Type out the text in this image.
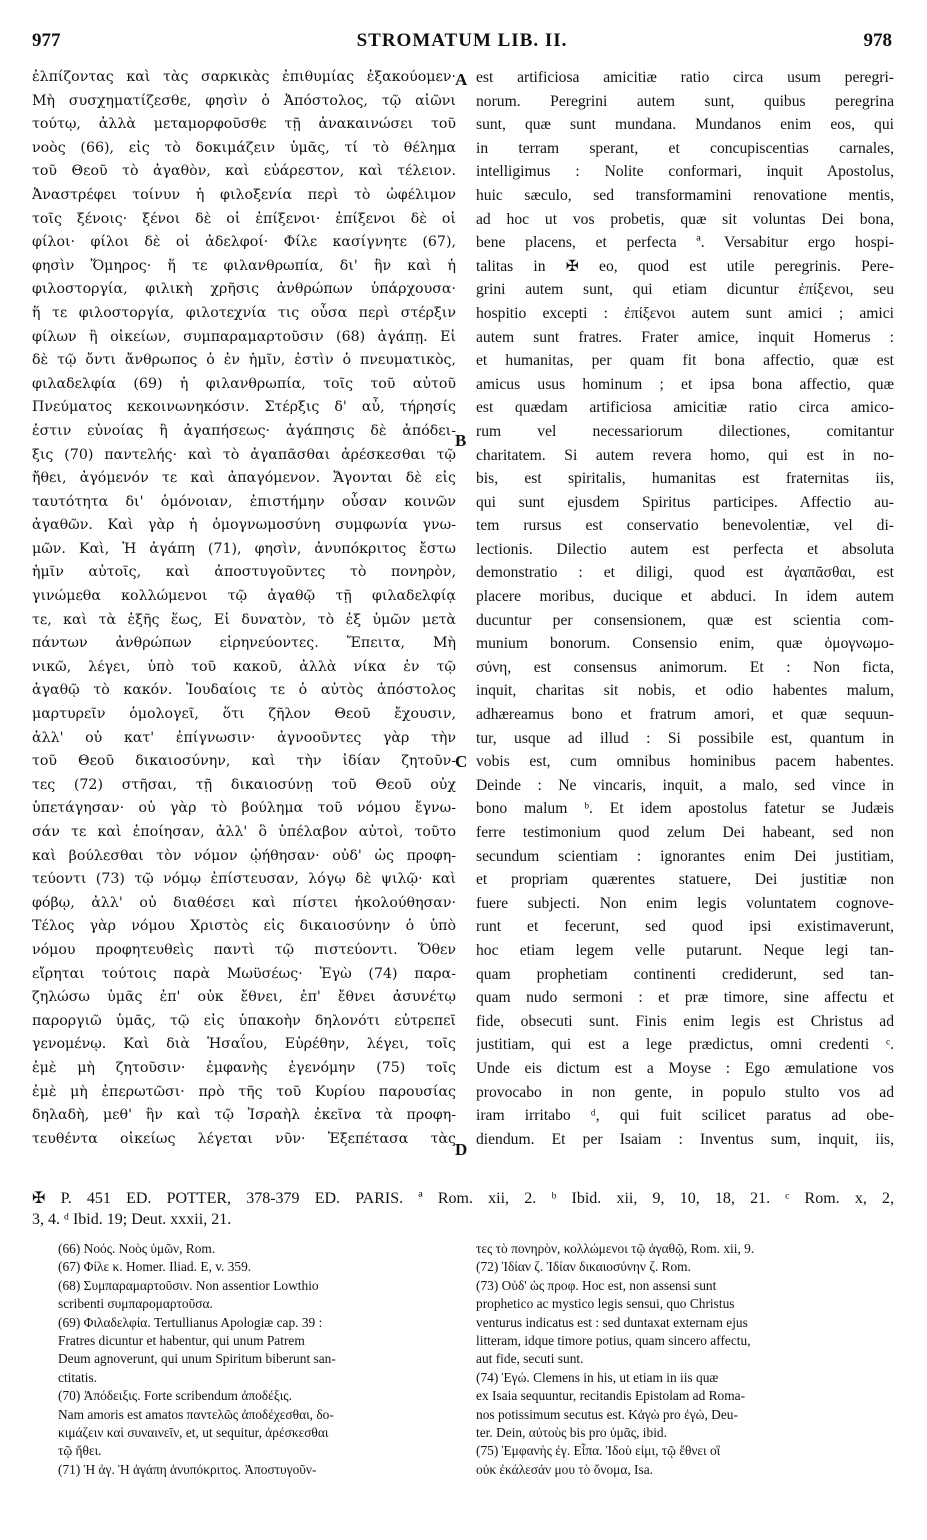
977	STROMATUM LIB. II.	978
ἐλπίζοντας καὶ τὰς σαρκικὰς ἐπιθυμίας ἐξακούομεν·
Μὴ συσχηματίζεσθε, φησὶν ὁ Ἀπόστολος, τῷ αἰῶνι
τούτῳ, ἀλλὰ μεταμορφοῦσθε τῇ ἀνακαινώσει τοῦ
νοὸς (66), εἰς τὸ δοκιμάζειν ὑμᾶς, τί τὸ θέλημα
τοῦ Θεοῦ τὸ ἀγαθὸν, καὶ εὐάρεστον, καὶ τέλειον.
Ἀναστρέφει τοίνυν ἡ φιλοξενία περὶ τὸ ὠφέλιμον
τοῖς ξένοις· ξένοι δὲ οἱ ἐπίξενοι· ἐπίξενοι δὲ οἱ
φίλοι· φίλοι δὲ οἱ ἀδελφοί· Φίλε κασίγνητε (67),
φησὶν Ὅμηρος· ἥ τε φιλανθρωπία, δι' ἣν καὶ ἡ
φιλοστοργία, φιλικὴ χρῆσις ἀνθρώπων ὑπάρχουσα·
ἥ τε φιλοστοργία, φιλοτεχνία τις οὖσα περὶ στέρξιν
φίλων ἢ οἰκείων, συμπαραμαρτοῦσιν (68) ἀγάπῃ. Εἰ
δὲ τῷ ὄντι ἄνθρωπος ὁ ἐν ἡμῖν, ἐστὶν ὁ πνευματικὸς,
φιλαδελφία (69) ἡ φιλανθρωπία, τοῖς τοῦ αὐτοῦ
Πνεύματος κεκοινωνηκόσιν. Στέρξις δ' αὖ, τήρησίς
ἐστιν εὐνοίας ἢ ἀγαπήσεως· ἀγάπησις δὲ ἀπόδει-
ξις (70) παντελής· καὶ τὸ ἀγαπᾶσθαι ἀρέσκεσθαι τῷ
ἤθει, ἀγόμενόν τε καὶ ἀπαγόμενον. Ἄγονται δὲ εἰς
ταυτότητα δι' ὁμόνοιαν, ἐπιστήμην οὖσαν κοινῶν
ἀγαθῶν. Καὶ γὰρ ἡ ὁμογνωμοσύνη συμφωνία γνω-
μῶν. Καὶ, Ἡ ἀγάπη (71), φησὶν, ἀνυπόκριτος ἔστω
ἡμῖν αὐτοῖς, καὶ ἀποστυγοῦντες τὸ πονηρὸν,
γινώμεθα κολλώμενοι τῷ ἀγαθῷ τῇ φιλαδελφίᾳ
τε, καὶ τὰ ἑξῆς ἕως, Εἰ δυνατὸν, τὸ ἐξ ὑμῶν μετὰ
πάντων ἀνθρώπων εἰρηνεύοντες. Ἔπειτα, Μὴ
νικῶ, λέγει, ὑπὸ τοῦ κακοῦ, ἀλλὰ νίκα ἐν τῷ
ἀγαθῷ τὸ κακόν. Ἰουδαίοις τε ὁ αὐτὸς ἀπόστολος
μαρτυρεῖν ὁμολογεῖ, ὅτι ζῆλον Θεοῦ ἔχουσιν,
ἀλλ' οὐ κατ' ἐπίγνωσιν· ἀγνοοῦντες γὰρ τὴν
τοῦ Θεοῦ δικαιοσύνην, καὶ τὴν ἰδίαν ζητοῦν-
τες (72) στῆσαι, τῇ δικαιοσύνῃ τοῦ Θεοῦ οὐχ
ὑπετάγησαν· οὐ γὰρ τὸ βούλημα τοῦ νόμου ἔγνω-
σάν τε καὶ ἐποίησαν, ἀλλ' ὃ ὑπέλαβον αὐτοὶ, τοῦτο
καὶ βούλεσθαι τὸν νόμον ᾠήθησαν· οὐδ' ὡς προφη-
τεύοντι (73) τῷ νόμῳ ἐπίστευσαν, λόγῳ δὲ ψιλῷ· καὶ
φόβῳ, ἀλλ' οὐ διαθέσει καὶ πίστει ἠκολούθησαν·
Τέλος γὰρ νόμου Χριστὸς εἰς δικαιοσύνην ὁ ὑπὸ
νόμου προφητευθεὶς παντὶ τῷ πιστεύοντι. Ὅθεν
εἴρηται τούτοις παρὰ Μωϋσέως· Ἐγὼ (74) παρα-
ζηλώσω ὑμᾶς ἐπ' οὐκ ἔθνει, ἐπ' ἔθνει ἀσυνέτῳ
παροργιῶ ὑμᾶς, τῷ εἰς ὑπακοὴν δηλονότι εὐτρεπεῖ
γενομένῳ. Καὶ διὰ Ἡσαΐου, Εὑρέθην, λέγει, τοῖς
ἐμὲ μὴ ζητοῦσιν· ἐμφανὴς ἐγενόμην (75) τοῖς
ἐμὲ μὴ ἐπερωτῶσι· πρὸ τῆς τοῦ Κυρίου παρουσίας
δηλαδὴ, μεθ' ἣν καὶ τῷ Ἰσραὴλ ἐκεῖνα τὰ προφη-
τευθέντα οἰκείως λέγεται νῦν· Ἐξεπέτασα τὰς
est artificiosa amicitiæ ratio circa usum peregri-
norum. Peregrini autem sunt, quibus peregrina
sunt, quæ sunt mundana. Mundanos enim eos, qui
in terram sperant, et concupiscentias carnales,
intelligimus : Nolite conformari, inquit Apostolus,
huic sæculo, sed transformamini renovatione mentis,
ad hoc ut vos probetis, quæ sit voluntas Dei bona,
bene placens, et perfecta ª. Versabitur ergo hospi-
talitas in ✠ eo, quod est utile peregrinis. Pere-
grini autem sunt, qui etiam dicuntur ἐπίξενοι, seu
hospitio excepti : ἐπίξενοι autem sunt amici ; amici
autem sunt fratres. Frater amice, inquit Homerus :
et humanitas, per quam fit bona affectio, quæ est
amicus usus hominum ; et ipsa bona affectio, quæ
est quædam artificiosa amicitiæ ratio circa amico-
rum vel necessariorum dilectiones, comitantur
charitatem. Si autem revera homo, qui est in no-
bis, est spiritalis, humanitas est fraternitas iis,
qui sunt ejusdem Spiritus participes. Affectio au-
tem rursus est conservatio benevolentiæ, vel di-
lectionis. Dilectio autem est perfecta et absoluta
demonstratio : et diligi, quod est ἀγαπᾶσθαι, est
placere moribus, ducique et abduci. In idem autem
ducuntur per consensionem, quæ est scientia com-
munium bonorum. Consensio enim, quæ ὁμογνωμο-
σύνη, est consensus animorum. Et : Non ficta,
inquit, charitas sit nobis, et odio habentes malum,
adhæreamus bono et fratrum amori, et quæ sequun-
tur, usque ad illud : Si possibile est, quantum in
vobis est, cum omnibus hominibus pacem habentes.
Deinde : Ne vincaris, inquit, a malo, sed vince in
bono malum ᵇ. Et idem apostolus fatetur se Judæis
ferre testimonium quod zelum Dei habeant, sed non
secundum scientiam : ignorantes enim Dei justitiam,
et propriam quærentes statuere, Dei justitiæ non
fuere subjecti. Non enim legis voluntatem cognove-
runt et fecerunt, sed quod ipsi existimaverunt,
hoc etiam legem velle putarunt. Neque legi tan-
quam prophetiam continenti crediderunt, sed tan-
quam nudo sermoni : et præ timore, sine affectu et
fide, obsecuti sunt. Finis enim legis est Christus ad
justitiam, qui est a lege prædictus, omni credenti ᶜ.
Unde eis dictum est a Moyse : Ego æmulatione vos
provocabo in non gente, in populo stulto vos ad
iram irritabo ᵈ, qui fuit scilicet paratus ad obe-
diendum. Et per Isaiam : Inventus sum, inquit, iis,
A
B
C
D
✠ P. 451 ED. POTTER, 378-379 ED. PARIS. ª Rom. xii, 2. ᵇ Ibid. xii, 9, 10, 18, 21. ᶜ Rom. x, 2,
3, 4. ᵈ Ibid. 19; Deut. xxxii, 21.
(66) Νοός. Νοὸς ὑμῶν, Rom.
(67) Φίλε κ. Homer. Iliad. E, v. 359.
(68) Συμπαραμαρτοῦσιν. Non assentior Lowthio
scribenti συμπαρομαρτοῦσα.
(69) Φιλαδελφία. Tertullianus Apologiæ cap. 39 :
Fratres dicuntur et habentur, qui unum Patrem
Deum agnoverunt, qui unum Spiritum biberunt san-
ctitatis.
(70) Ἀπόδειξις. Forte scribendum ἀποδέξις.
Nam amoris est amatos παντελῶς ἀποδέχεσθαι, δο-
κιμάζειν καὶ συναινεῖν, et, ut sequitur, ἀρέσκεσθαι
τῷ ἤθει.
(71) Ἡ ἀγ. Ἡ ἀγάπη ἀνυπόκριτος. Ἀποστυγοῦν-
τες τὸ πονηρὸν, κολλώμενοι τῷ ἀγαθῷ, Rom. xii, 9.
(72) Ἰδίαν ζ. Ἰδίαν δικαιοσύνην ζ. Rom.
(73) Οὐδ' ὡς προφ. Hoc est, non assensi sunt
prophetico ac mystico legis sensui, quo Christus
venturus indicatus est : sed duntaxat externam ejus
litteram, idque timore potius, quam sincero affectu,
aut fide, secuti sunt.
(74) Ἐγώ. Clemens in his, ut etiam in iis quæ
ex Isaia sequuntur, recitandis Epistolam ad Roma-
nos potissimum secutus est. Κἀγὼ pro ἐγώ, Deu-
ter. Dein, αὐτοὺς bis pro ὑμᾶς, ibid.
(75) Ἐμφανὴς ἐγ. Εἶπα. Ἰδοὺ εἰμι, τῷ ἔθνει οἳ
οὐκ ἐκάλεσάν μου τὸ ὄνομα, Isa.
